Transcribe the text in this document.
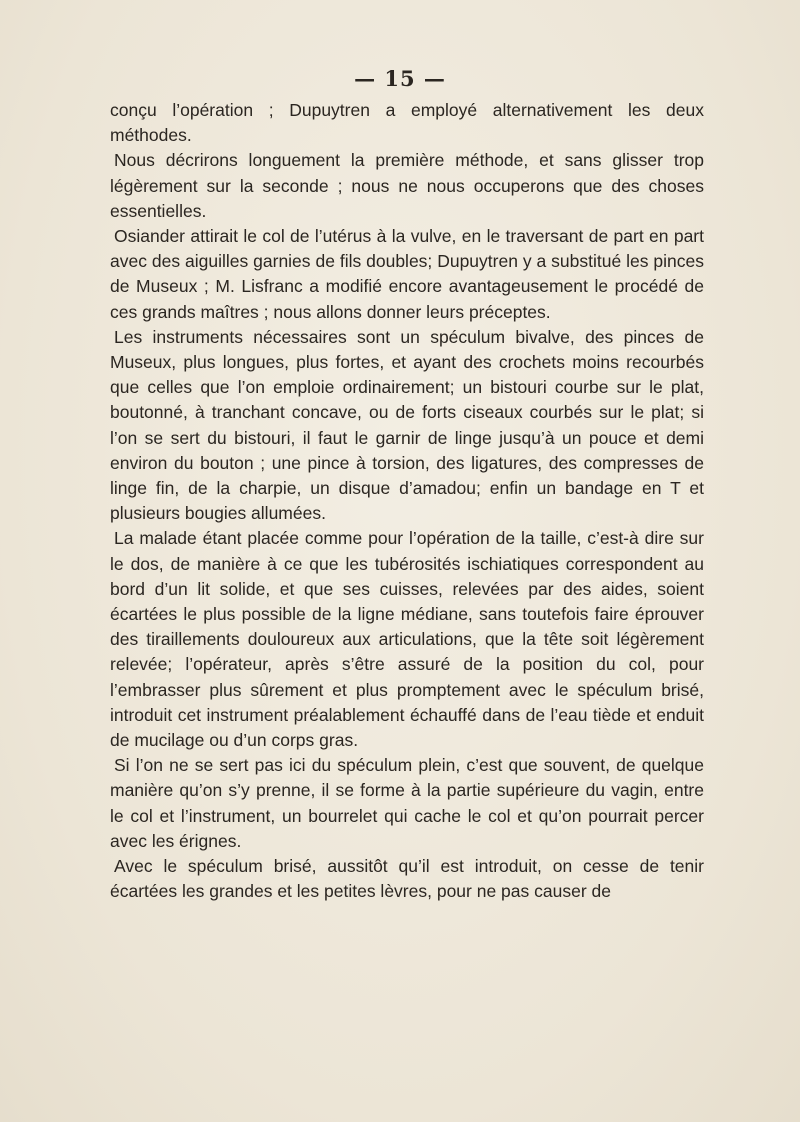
— 15 —

conçu l’opération ; Dupuytren a employé alternativement les deux méthodes.

Nous décrirons longuement la première méthode, et sans glisser trop légèrement sur la seconde ; nous ne nous occuperons que des choses essentielles.

Osiander attirait le col de l’utérus à la vulve, en le traversant de part en part avec des aiguilles garnies de fils doubles; Dupuytren y a substitué les pinces de Museux ; M. Lisfranc a modifié encore avantageusement le procédé de ces grands maîtres ; nous allons donner leurs préceptes.

Les instruments nécessaires sont un spéculum bivalve, des pinces de Museux, plus longues, plus fortes, et ayant des crochets moins recourbés que celles que l’on emploie ordinairement; un bistouri courbe sur le plat, boutonné, à tranchant concave, ou de forts ciseaux courbés sur le plat; si l’on se sert du bistouri, il faut le garnir de linge jusqu’à un pouce et demi environ du bouton ; une pince à torsion, des ligatures, des compresses de linge fin, de la charpie, un disque d’amadou; enfin un bandage en T et plusieurs bougies allumées.

La malade étant placée comme pour l’opération de la taille, c’est-à dire sur le dos, de manière à ce que les tubérosités ischiatiques correspondent au bord d’un lit solide, et que ses cuisses, relevées par des aides, soient écartées le plus possible de la ligne médiane, sans toutefois faire éprouver des tiraillements douloureux aux articulations, que la tête soit légèrement relevée; l’opérateur, après s’être assuré de la position du col, pour l’embrasser plus sûrement et plus promptement avec le spéculum brisé, introduit cet instrument préalablement échauffé dans de l’eau tiède et enduit de mucilage ou d’un corps gras.

Si l’on ne se sert pas ici du spéculum plein, c’est que souvent, de quelque manière qu’on s’y prenne, il se forme à la partie supérieure du vagin, entre le col et l’instrument, un bourrelet qui cache le col et qu’on pourrait percer avec les érignes.

Avec le spéculum brisé, aussitôt qu’il est introduit, on cesse de tenir écartées les grandes et les petites lèvres, pour ne pas causer de
